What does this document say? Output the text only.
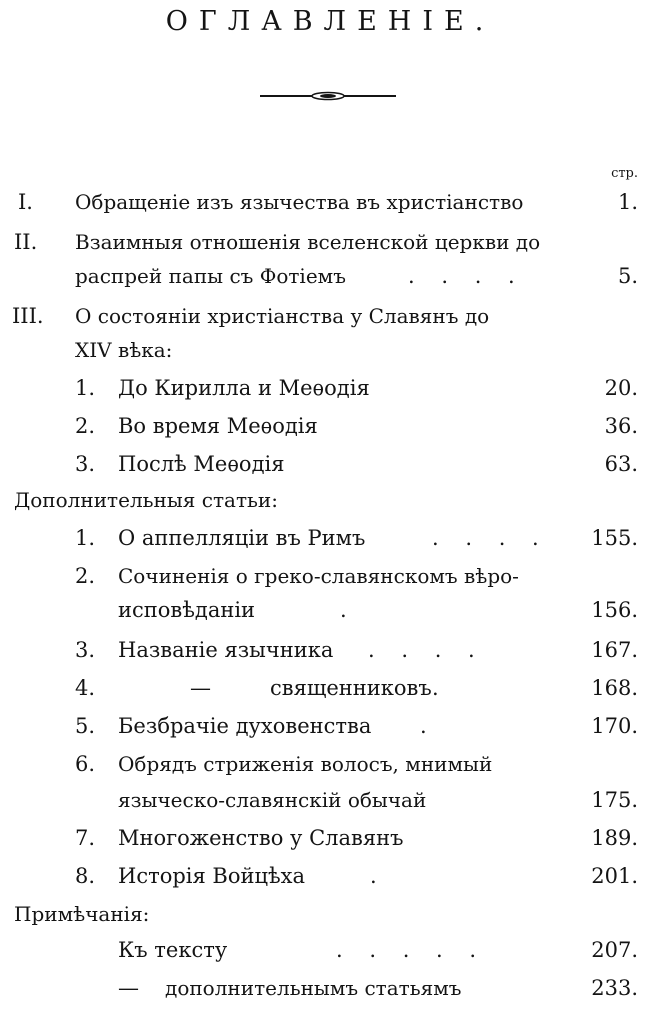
ОГЛАВЛЕНІЕ.
стр.
I. Обращеніе изъ язычества въ христіанство	1.
II. Взаимныя отношенія вселенской церкви до
распрей папы съ Фотіемъ	. . . .	5.
III. О состояніи христіанства у Славянъ до
XIV вѣка:
1. До Кирилла и Меѳодія	20.
2. Во время Меѳодія	36.
3. Послѣ Меѳодія	63.
Дополнительныя статьи:
1. О аппелляціи въ Римъ	. . . . 155.
2. Сочиненія о греко-славянскомъ вѣро-
исповѣданіи	.	156.
3. Названіе язычника . . . .	167.
4.	—	священниковъ .	168.
5. Безбрачіе духовенства .	170.
6. Обрядъ стриженія волосъ, мнимый
язычеcко-славянскій обычай	175.
7. Многоженство у Славянъ	189.
8. Исторія Войцѣха	.	201.
Примѣчанія:
Къ тексту	. . . . .	207.
— дополнительнымъ статьямъ	233.
